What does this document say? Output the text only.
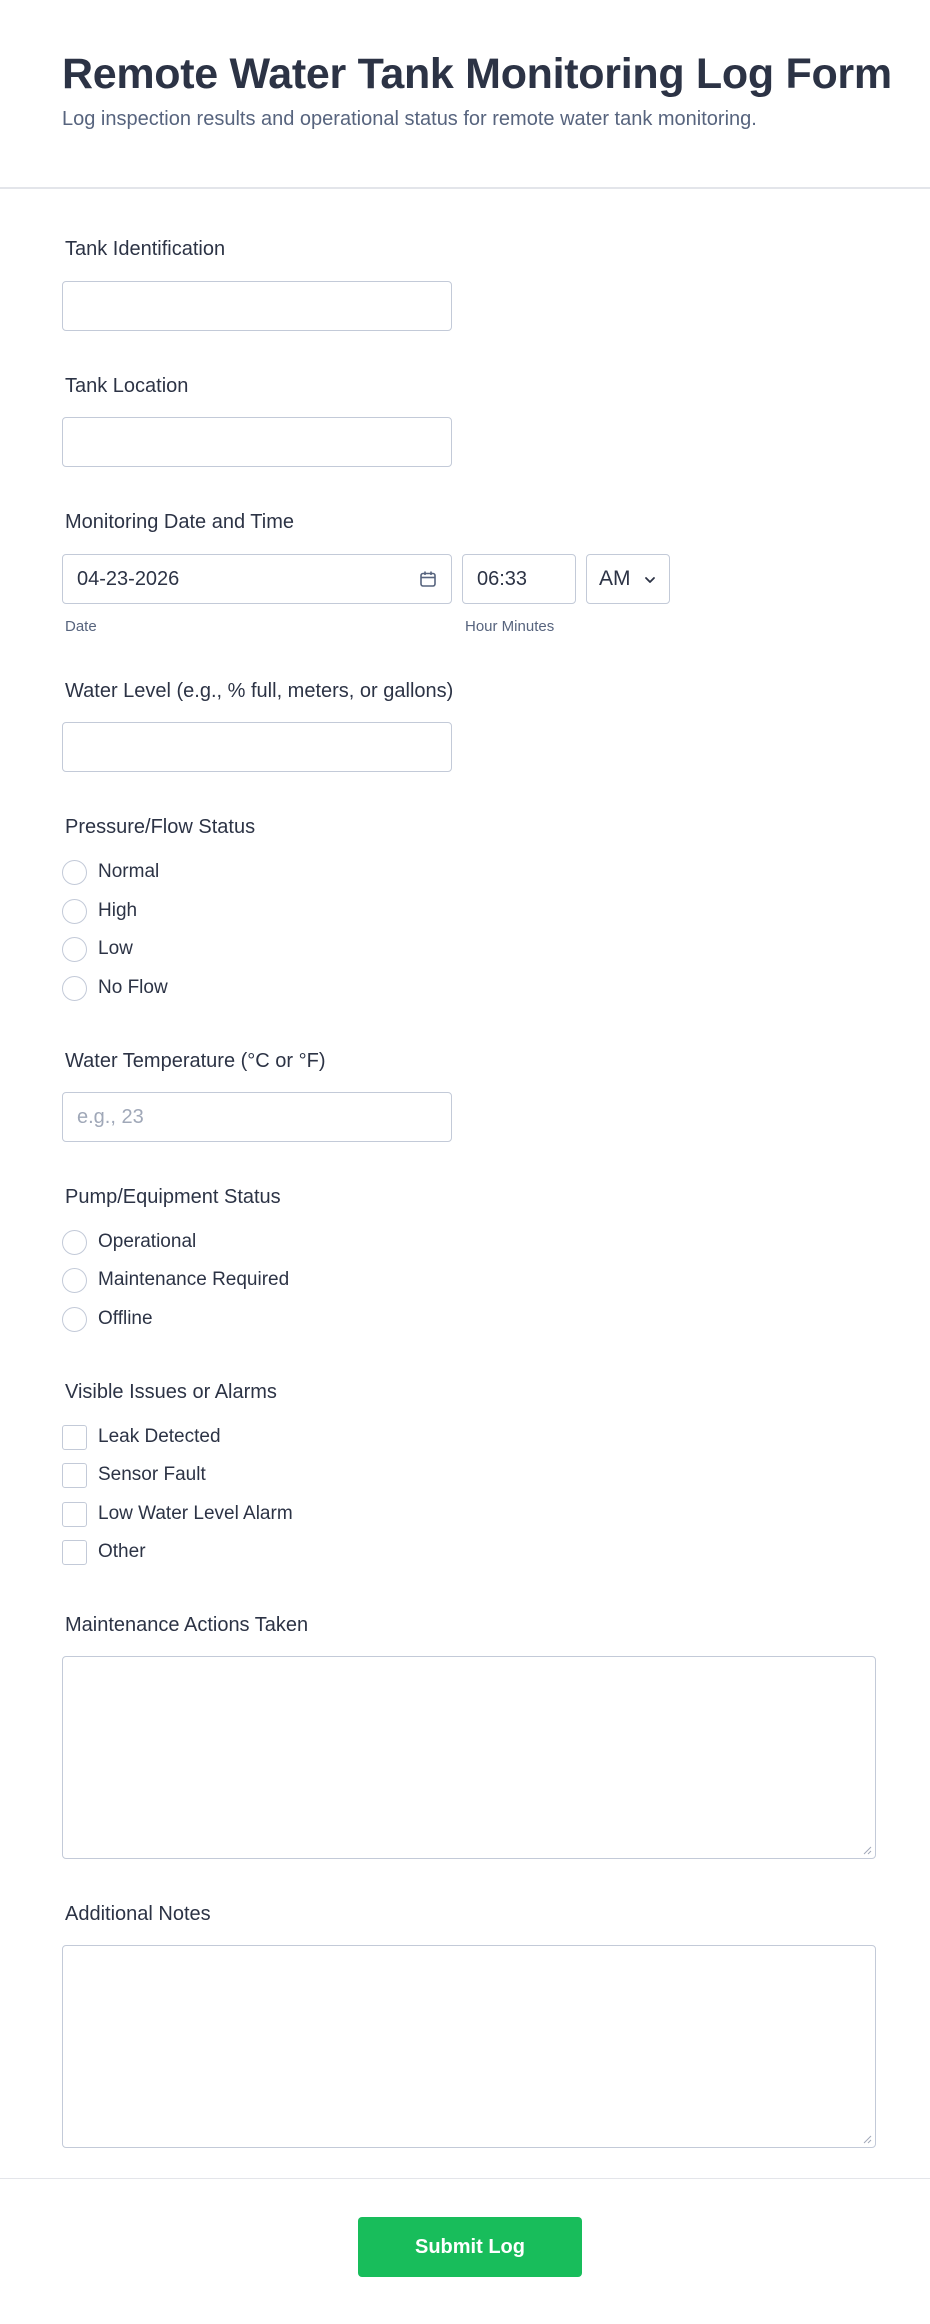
Remote Water Tank Monitoring Log Form
Log inspection results and operational status for remote water tank monitoring.
Tank Identification
Tank Location
Monitoring Date and Time
04-23-2026
Date
06:33
Hour Minutes
AM
Water Level (e.g., % full, meters, or gallons)
Pressure/Flow Status
Normal
High
Low
No Flow
Water Temperature (°C or °F)
e.g., 23
Pump/Equipment Status
Operational
Maintenance Required
Offline
Visible Issues or Alarms
Leak Detected
Sensor Fault
Low Water Level Alarm
Other
Maintenance Actions Taken
Additional Notes
Submit Log
